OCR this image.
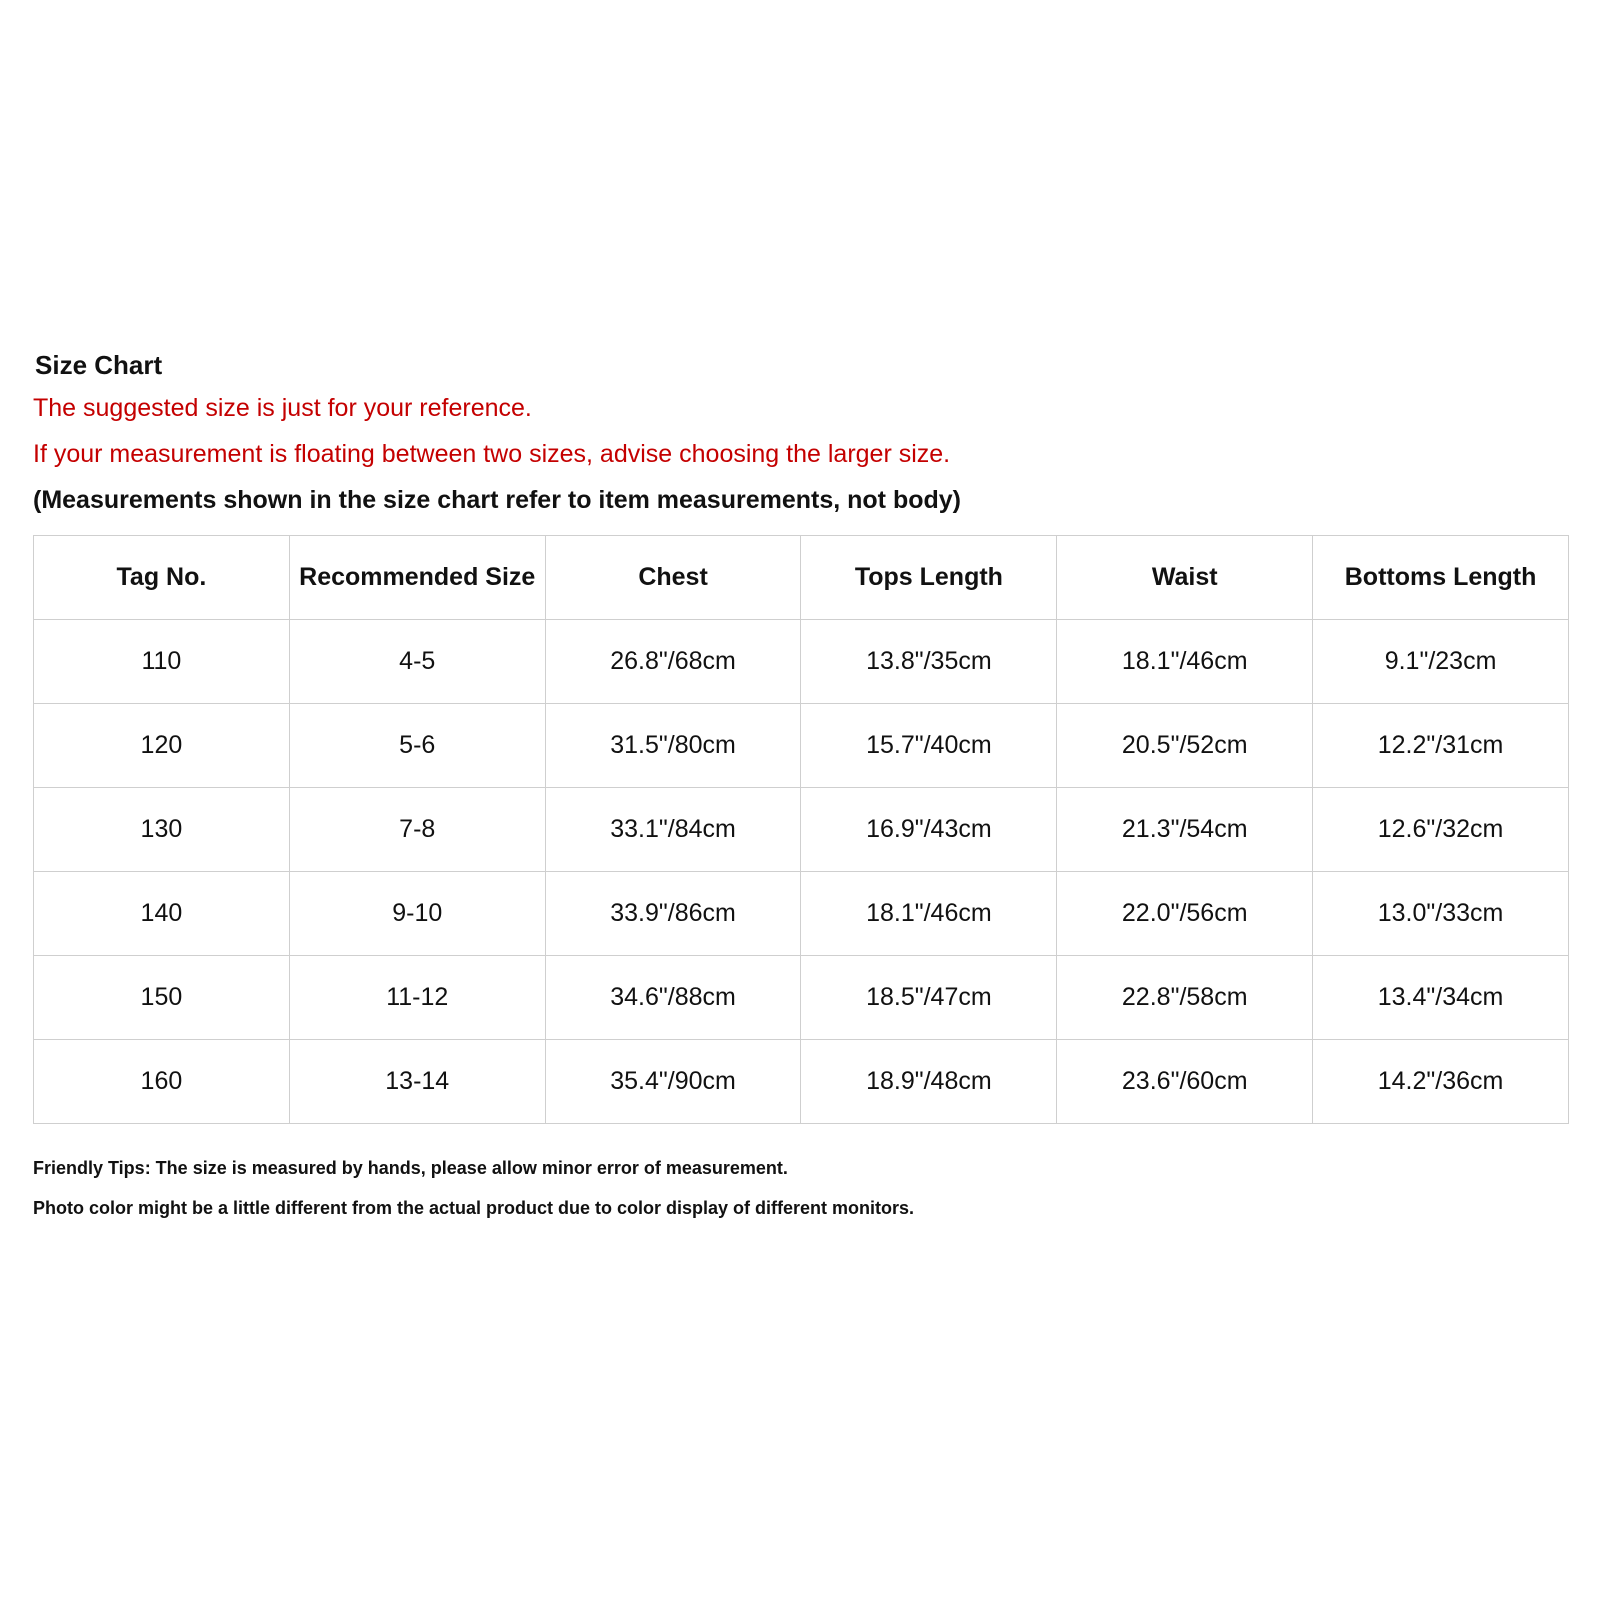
Size Chart
The suggested size is just for your reference.
If your measurement is floating between two sizes, advise choosing the larger size.
(Measurements shown in the size chart refer to item measurements, not body)
Tag No.	Recommended Size	Chest	Tops Length	Waist	Bottoms Length
110	4-5	26.8"/68cm	13.8"/35cm	18.1"/46cm	9.1"/23cm
120	5-6	31.5"/80cm	15.7"/40cm	20.5"/52cm	12.2"/31cm
130	7-8	33.1"/84cm	16.9"/43cm	21.3"/54cm	12.6"/32cm
140	9-10	33.9"/86cm	18.1"/46cm	22.0"/56cm	13.0"/33cm
150	11-12	34.6"/88cm	18.5"/47cm	22.8"/58cm	13.4"/34cm
160	13-14	35.4"/90cm	18.9"/48cm	23.6"/60cm	14.2"/36cm
Friendly Tips: The size is measured by hands, please allow minor error of measurement.
Photo color might be a little different from the actual product due to color display of different monitors.
